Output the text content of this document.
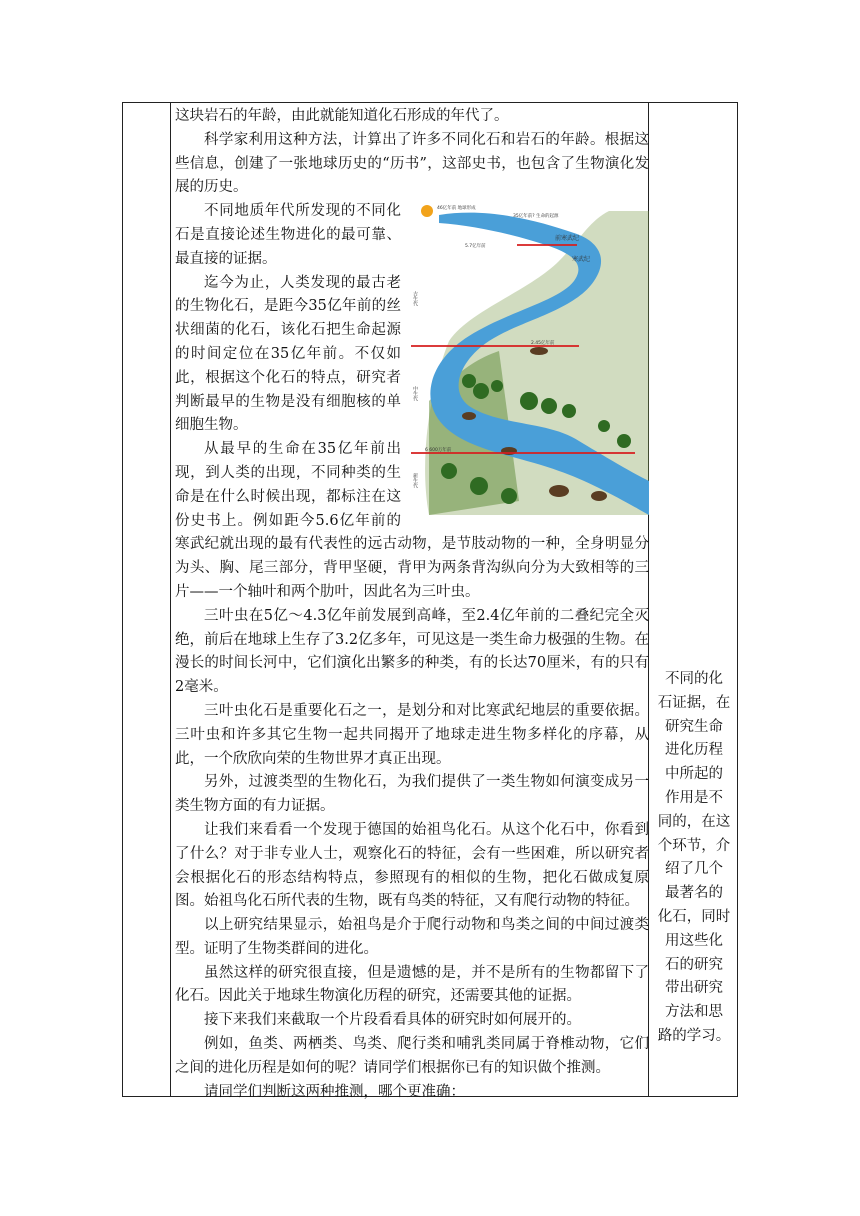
这块岩石的年龄，由此就能知道化石形成的年代了。

科学家利用这种方法，计算出了许多不同化石和岩石的年龄。根据这些信息，创建了一张地球历史的“历书”，这部史书，也包含了生物演化发展的历史。

46亿年前 地球形成
35亿年前? 生命的起源
前寒武纪
5.7亿年前
寒武纪
2.45亿年前
6 600万年前
古生代
中生代
新生代

不同地质年代所发现的不同化石是直接论述生物进化的最可靠、最直接的证据。

迄今为止，人类发现的最古老的生物化石，是距今35亿年前的丝状细菌的化石，该化石把生命起源的时间定位在35亿年前。不仅如此，根据这个化石的特点，研究者判断最早的生物是没有细胞核的单细胞生物。

从最早的生命在35亿年前出现，到人类的出现，不同种类的生命是在什么时候出现，都标注在这份史书上。例如距今5.6亿年前的寒武纪就出现的最有代表性的远古动物，是节肢动物的一种，全身明显分为头、胸、尾三部分，背甲坚硬，背甲为两条背沟纵向分为大致相等的三片——一个轴叶和两个肋叶，因此名为三叶虫。

三叶虫在5亿～4.3亿年前发展到高峰，至2.4亿年前的二叠纪完全灭绝，前后在地球上生存了3.2亿多年，可见这是一类生命力极强的生物。在漫长的时间长河中，它们演化出繁多的种类，有的长达70厘米，有的只有2毫米。

三叶虫化石是重要化石之一，是划分和对比寒武纪地层的重要依据。三叶虫和许多其它生物一起共同揭开了地球走进生物多样化的序幕，从此，一个欣欣向荣的生物世界才真正出现。

另外，过渡类型的生物化石，为我们提供了一类生物如何演变成另一类生物方面的有力证据。

让我们来看看一个发现于德国的始祖鸟化石。从这个化石中，你看到了什么？对于非专业人士，观察化石的特征，会有一些困难，所以研究者会根据化石的形态结构特点，参照现有的相似的生物，把化石做成复原图。始祖鸟化石所代表的生物，既有鸟类的特征，又有爬行动物的特征。

以上研究结果显示，始祖鸟是介于爬行动物和鸟类之间的中间过渡类型。证明了生物类群间的进化。

虽然这样的研究很直接，但是遗憾的是，并不是所有的生物都留下了化石。因此关于地球生物演化历程的研究，还需要其他的证据。

接下来我们来截取一个片段看看具体的研究时如何展开的。

例如，鱼类、两栖类、鸟类、爬行类和哺乳类同属于脊椎动物，它们之间的进化历程是如何的呢？请同学们根据你已有的知识做个推测。

请同学们判断这两种推测，哪个更准确：

不同的化
石证据，在
研究生命
进化历程
中所起的
作用是不
同的，在这
个环节，介
绍了几个
最著名的
化石，同时
用这些化
石的研究
带出研究
方法和思
路的学习。
